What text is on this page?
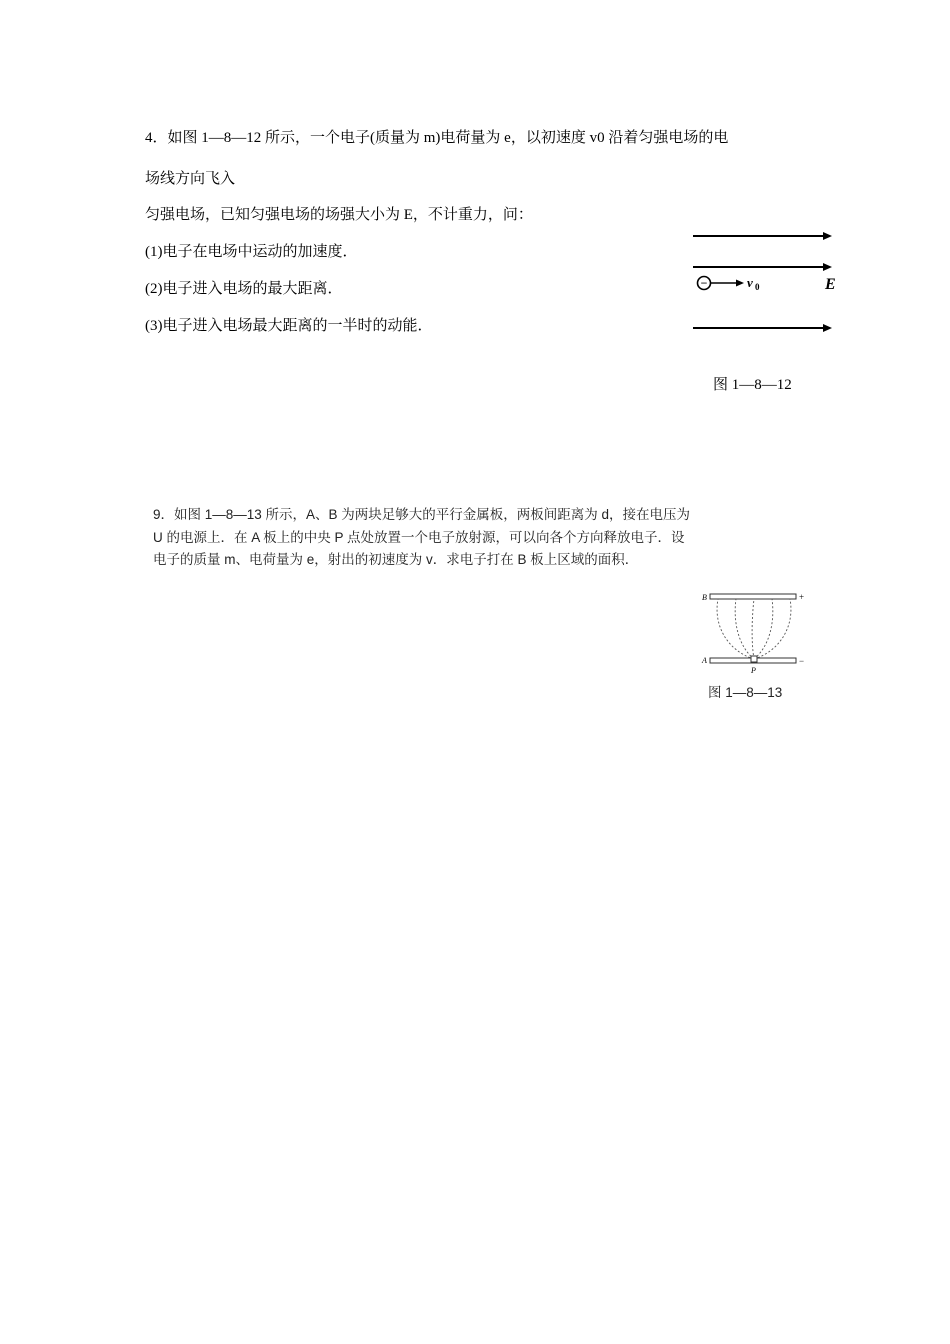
4．如图 1—8—12 所示，一个电子(质量为 m)电荷量为 e，以初速度 v0 沿着匀强电场的电
场线方向飞入
匀强电场，已知匀强电场的场强大小为 E，不计重力，问：
(1)电子在电场中运动的加速度．
(2)电子进入电场的最大距离．
(3)电子进入电场最大距离的一半时的动能．
−	v 0	E
图 1—8—12
9．如图 1—8—13 所示，A、B 为两块足够大的平行金属板，两板间距离为 d，接在电压为
U 的电源上．在 A 板上的中央 P 点处放置一个电子放射源，可以向各个方向释放电子．设
电子的质量 m、电荷量为 e，射出的初速度为 v．求电子打在 B 板上区域的面积．
B	+
A	−
P
图 1—8—13
